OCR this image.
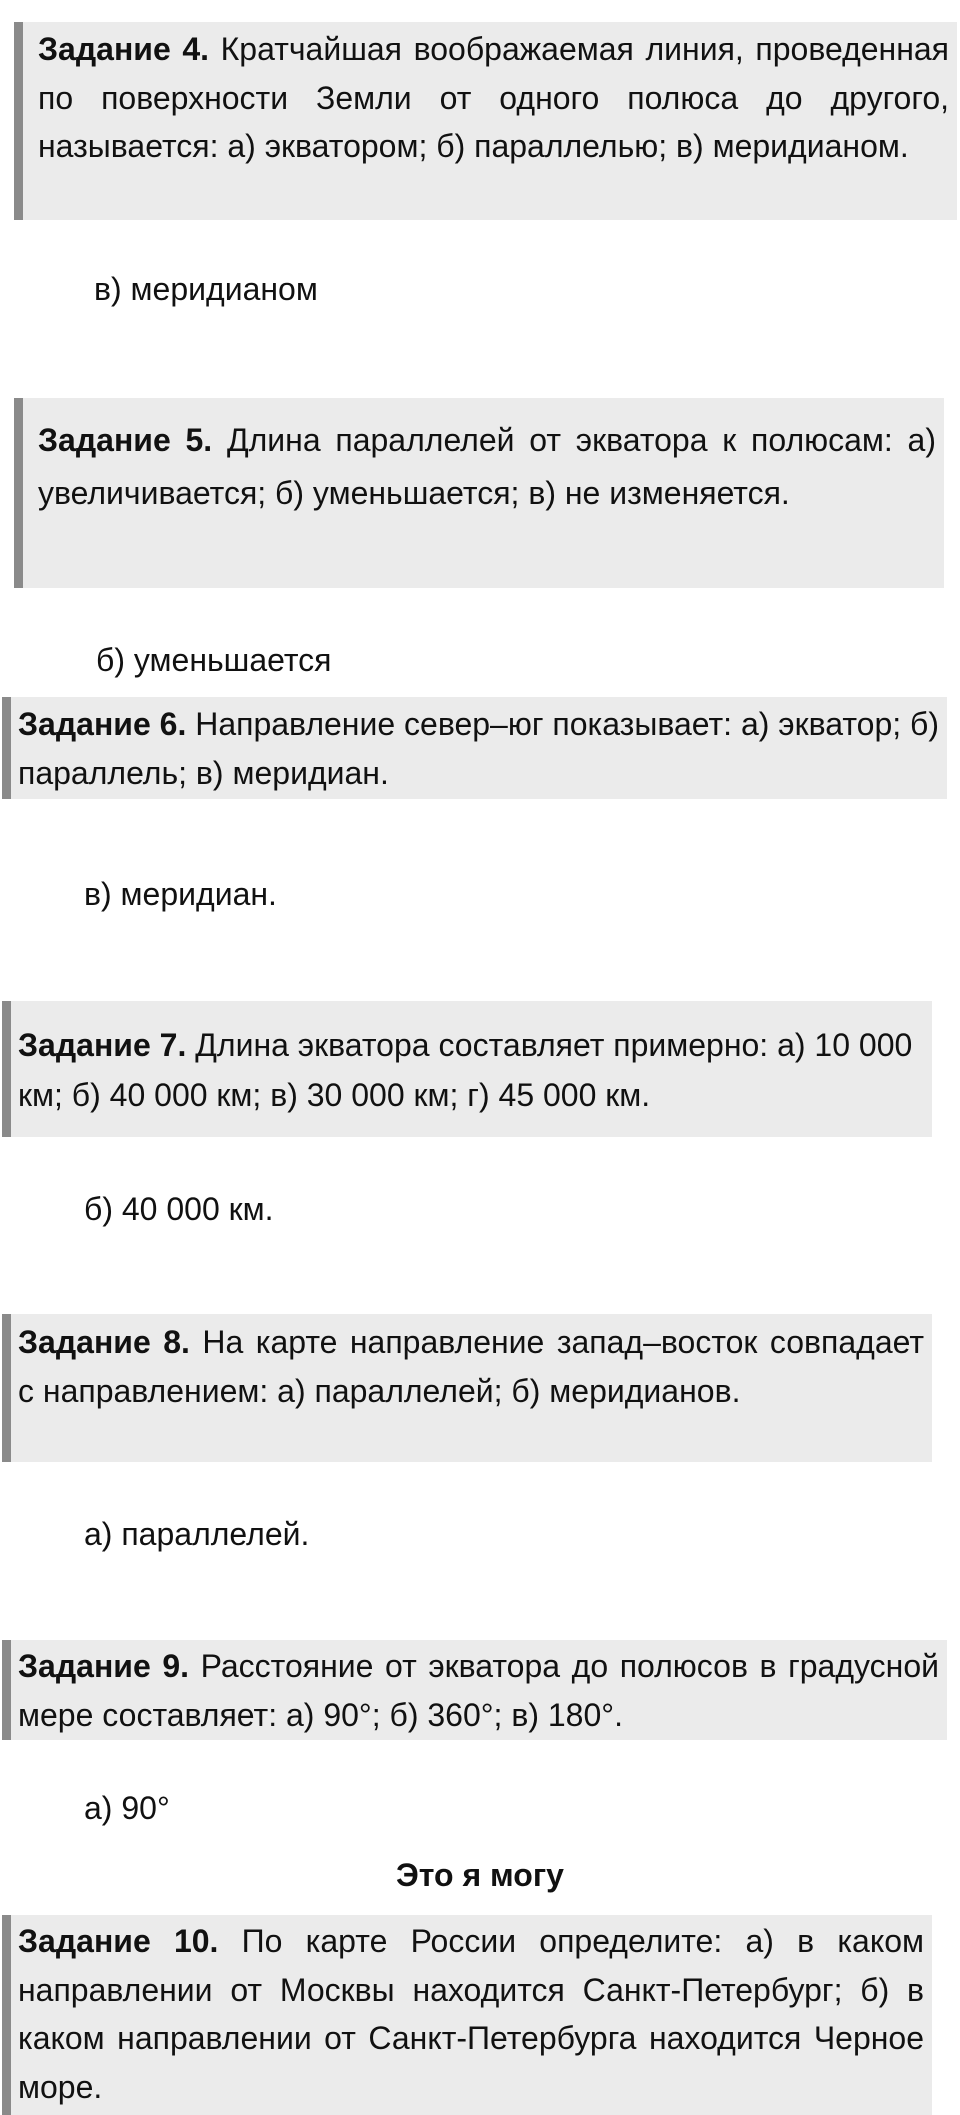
Задание 4. Кратчайшая воображаемая линия, проведенная по поверхности Земли от одного полюса до другого, называется: а) экватором; б) параллелью; в) меридианом.
в) меридианом
Задание 5. Длина параллелей от экватора к полюсам: а) увеличивается; б) уменьшается; в) не изменяется.
б) уменьшается
Задание 6. Направление север–юг показывает: а) экватор; б) параллель; в) меридиан.
в) меридиан.
Задание 7. Длина экватора составляет примерно: а) 10 000 км; б) 40 000 км; в) 30 000 км; г) 45 000 км.
б) 40 000 км.
Задание 8. На карте направление запад–восток совпадает с направлением: а) параллелей; б) меридианов.
а) параллелей.
Задание 9. Расстояние от экватора до полюсов в градусной мере составляет: а) 90°; б) 360°; в) 180°.
а) 90°
Это я могу
Задание 10. По карте России определите: а) в каком направлении от Москвы находится Санкт-Петербург; б) в каком направлении от Санкт-Петербурга находится Черное море.
